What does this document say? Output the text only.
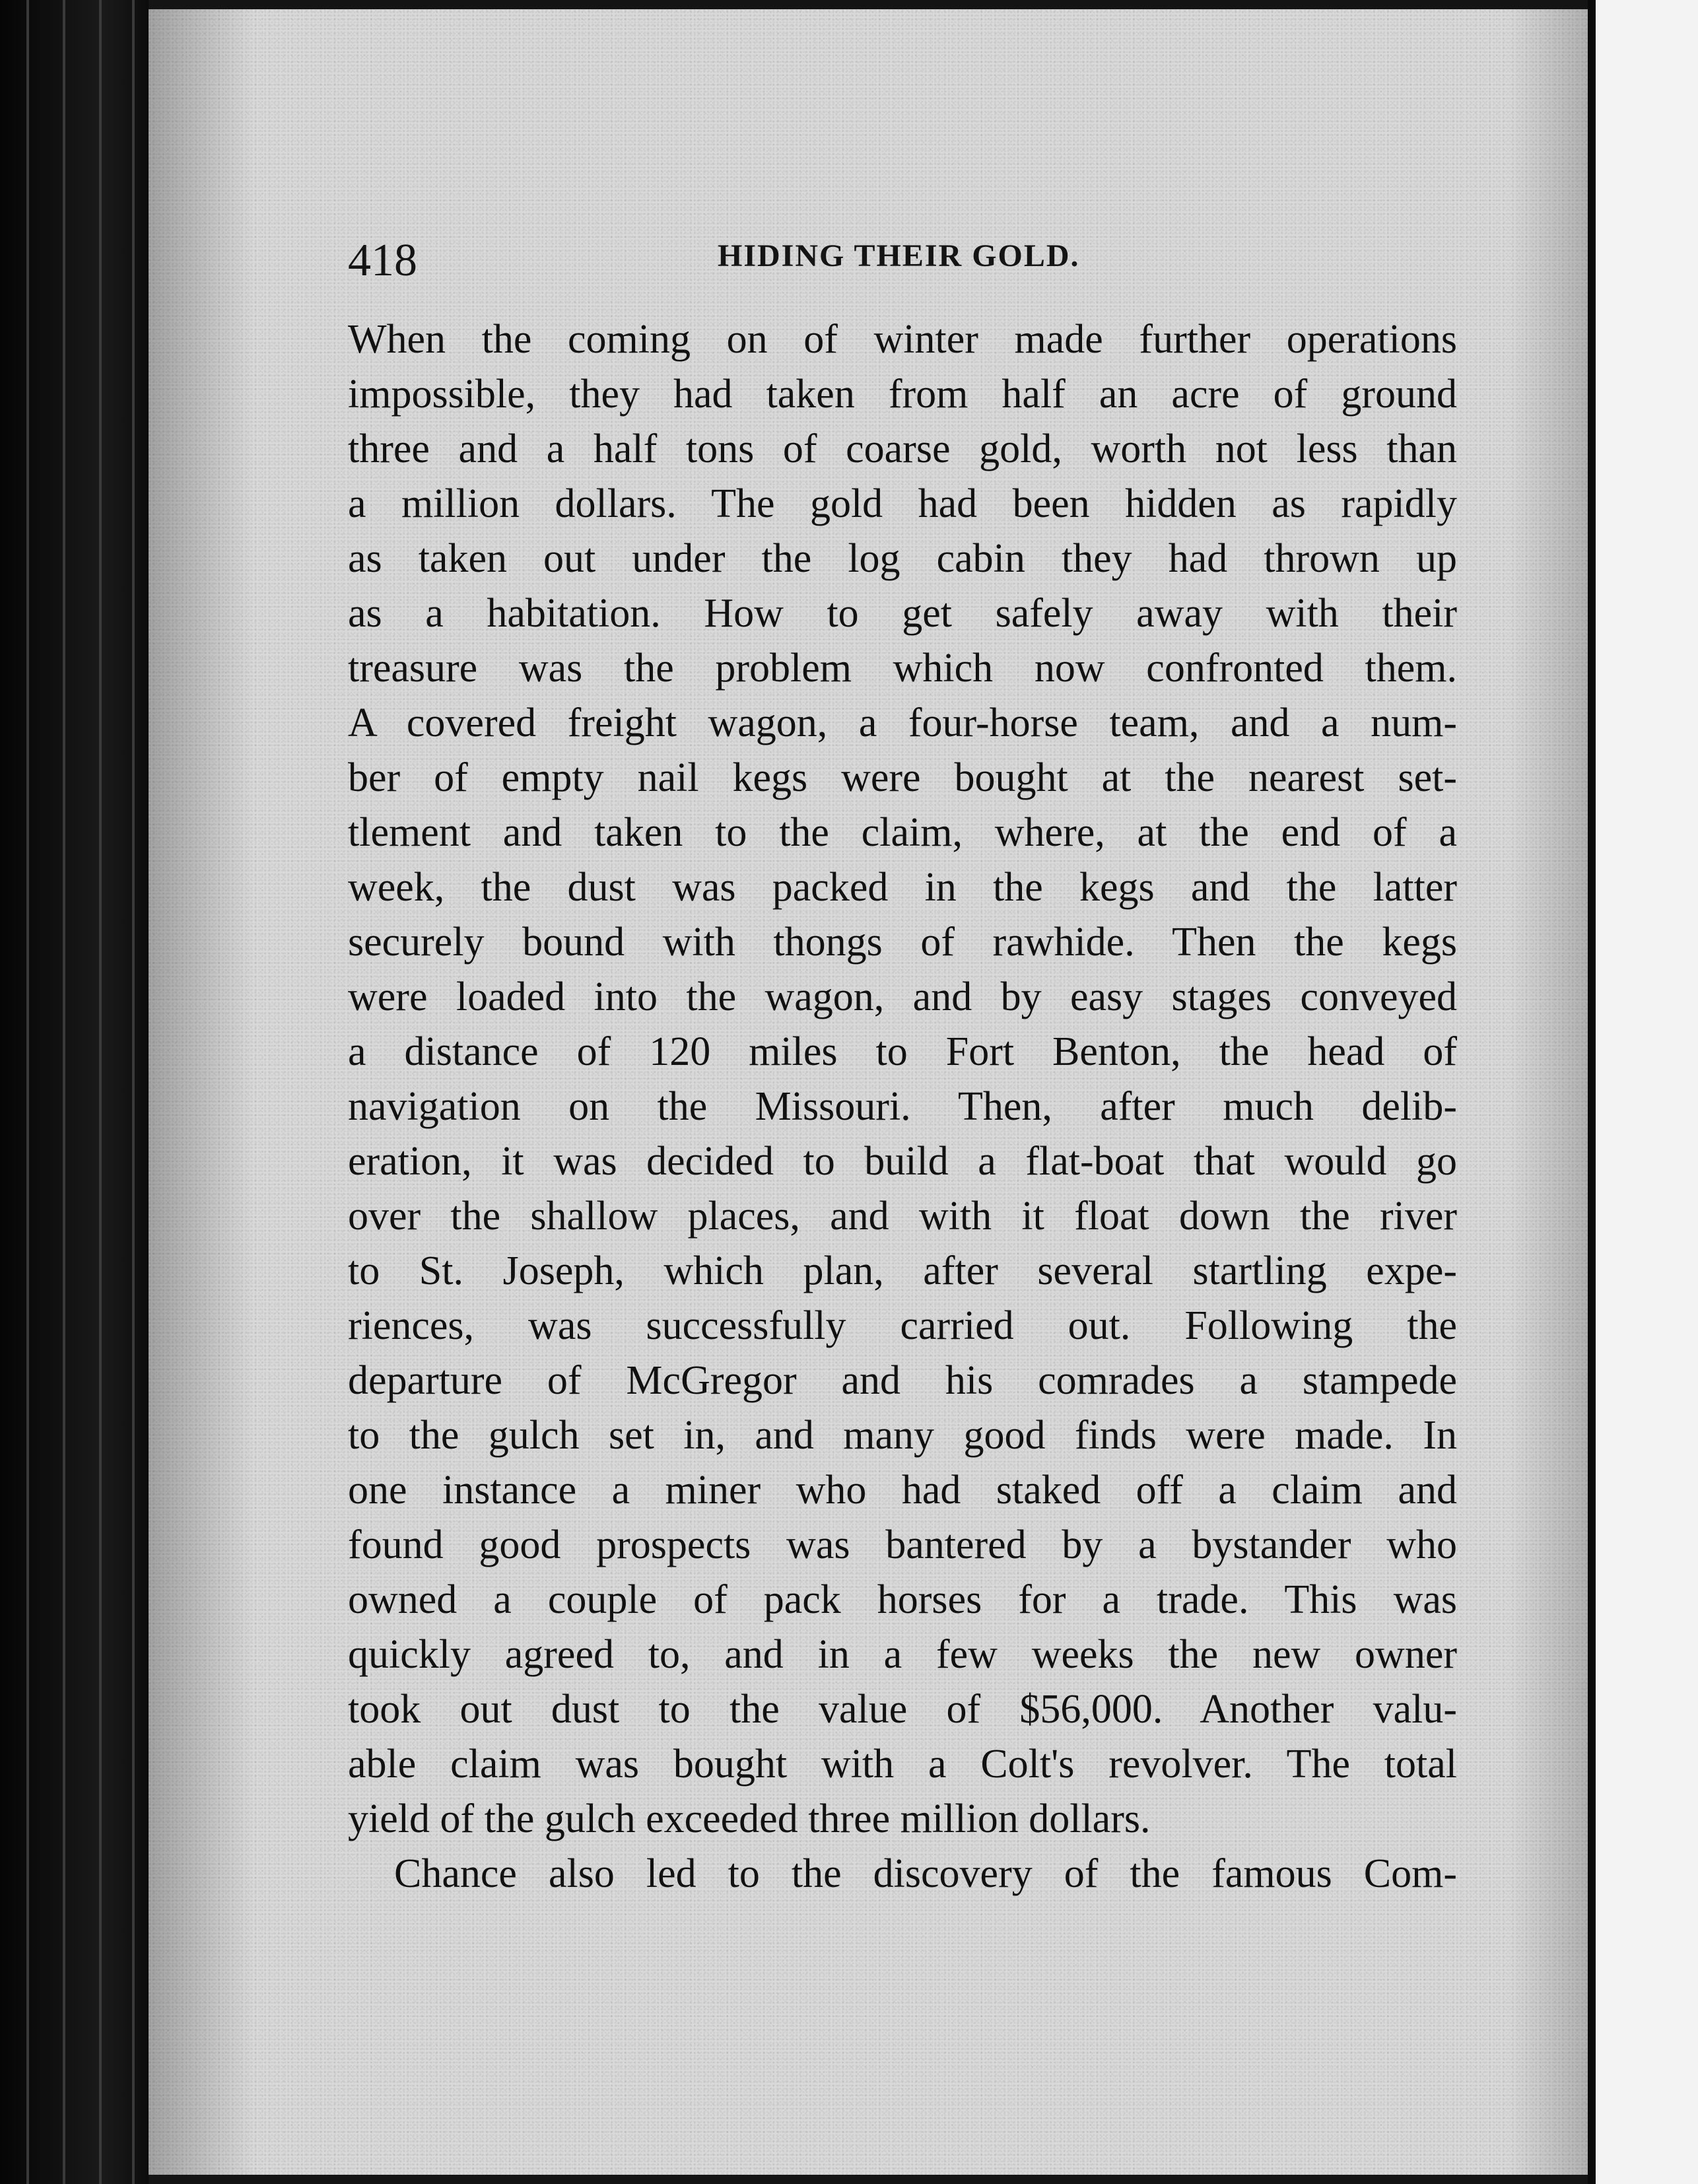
418	HIDING THEIR GOLD.
When the coming on of winter made further operations
impossible, they had taken from half an acre of ground
three and a half tons of coarse gold, worth not less than
a million dollars. The gold had been hidden as rapidly
as taken out under the log cabin they had thrown up
as a habitation. How to get safely away with their
treasure was the problem which now confronted them.
A covered freight wagon, a four-horse team, and a num-
ber of empty nail kegs were bought at the nearest set-
tlement and taken to the claim, where, at the end of a
week, the dust was packed in the kegs and the latter
securely bound with thongs of rawhide. Then the kegs
were loaded into the wagon, and by easy stages conveyed
a distance of 120 miles to Fort Benton, the head of
navigation on the Missouri. Then, after much delib-
eration, it was decided to build a flat-boat that would go
over the shallow places, and with it float down the river
to St. Joseph, which plan, after several startling expe-
riences, was successfully carried out. Following the
departure of McGregor and his comrades a stampede
to the gulch set in, and many good finds were made. In
one instance a miner who had staked off a claim and
found good prospects was bantered by a bystander who
owned a couple of pack horses for a trade. This was
quickly agreed to, and in a few weeks the new owner
took out dust to the value of $56,000. Another valu-
able claim was bought with a Colt's revolver. The total
yield of the gulch exceeded three million dollars.
Chance also led to the discovery of the famous Com-
